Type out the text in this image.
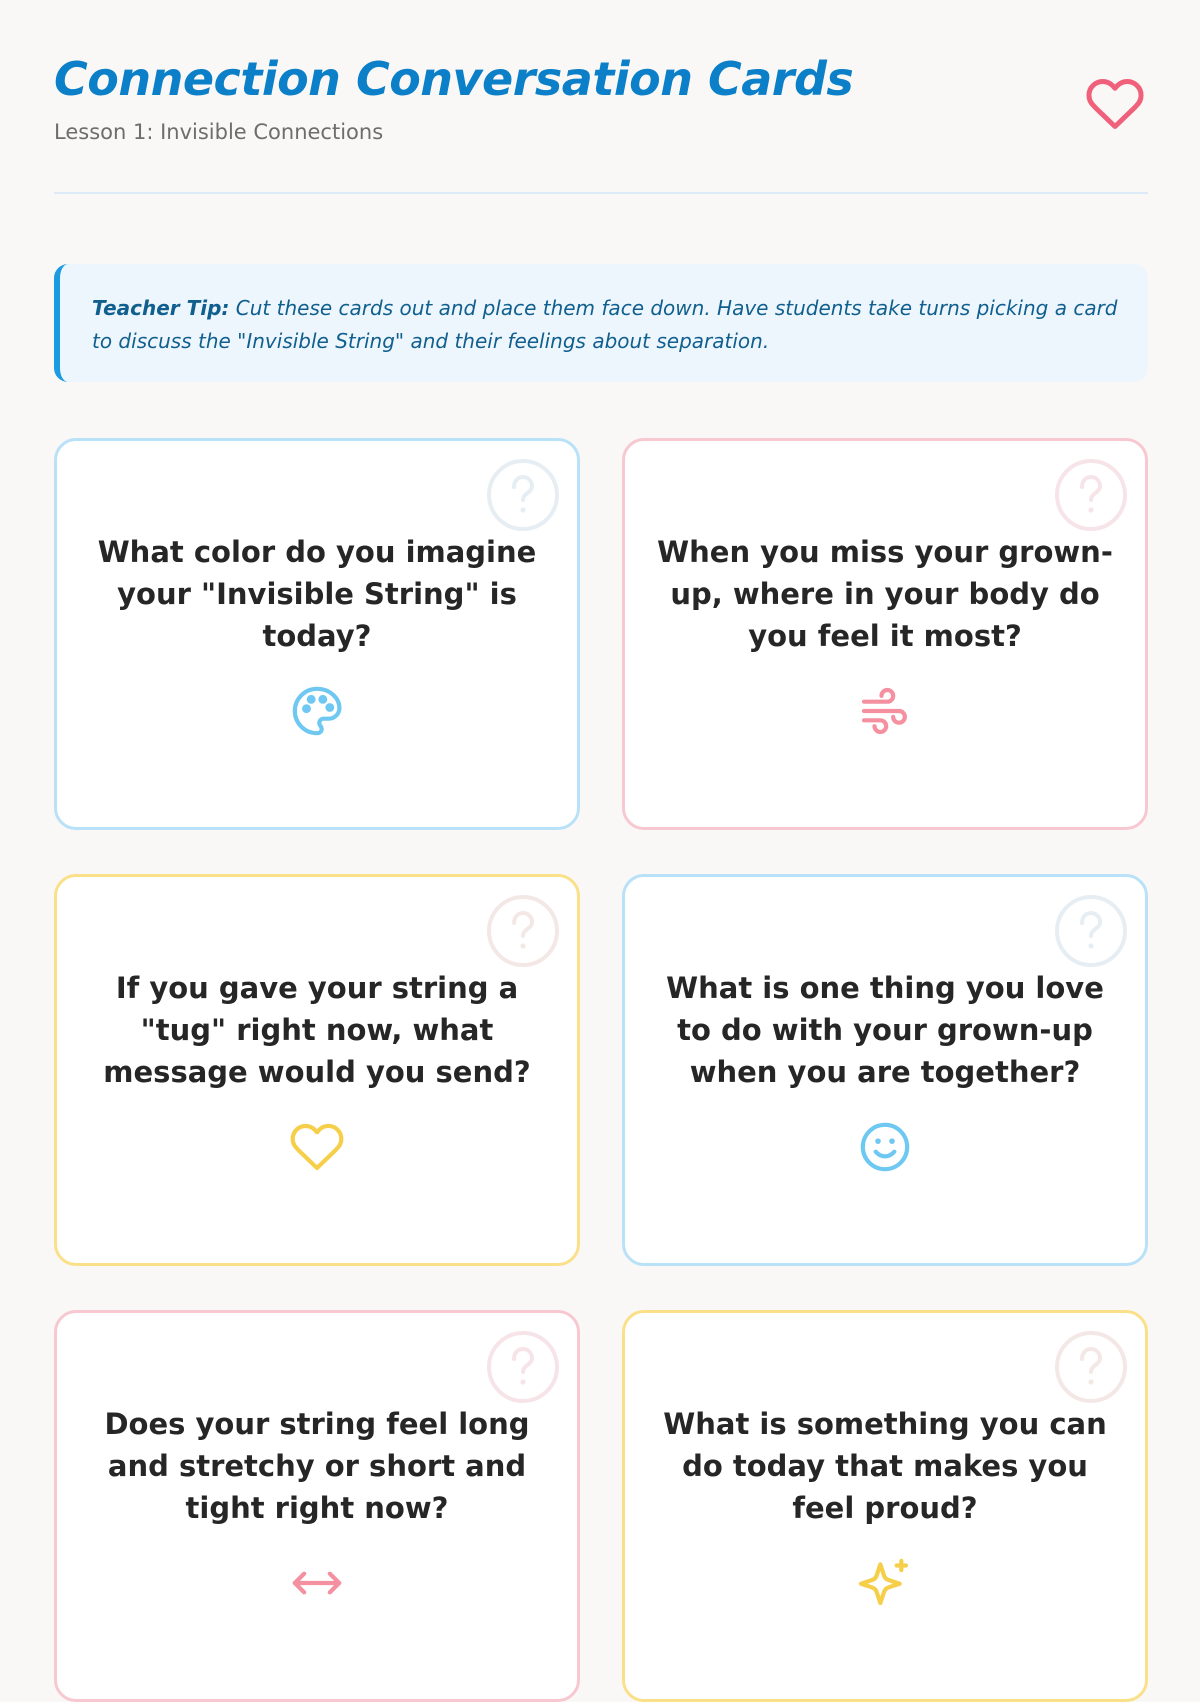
Connection Conversation Cards
Lesson 1: Invisible Connections
Teacher Tip: Cut these cards out and place them face down. Have students take turns picking a card to discuss the "Invisible String" and their feelings about separation.
What color do you imagine your "Invisible String" is today?
When you miss your grown-up, where in your body do you feel it most?
If you gave your string a "tug" right now, what message would you send?
What is one thing you love to do with your grown-up when you are together?
Does your string feel long and stretchy or short and tight right now?
What is something you can do today that makes you feel proud?
